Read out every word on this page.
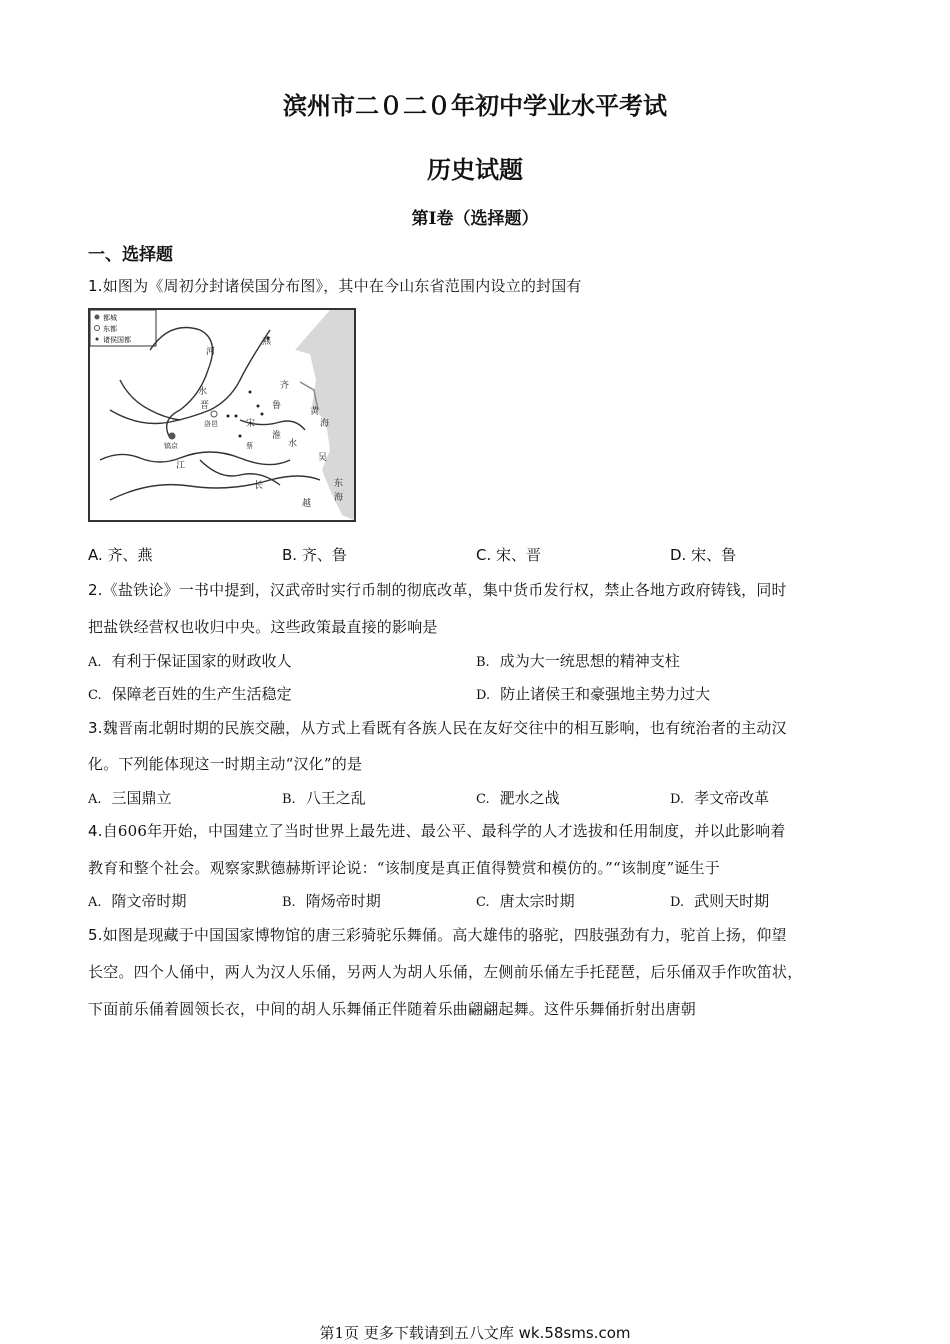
滨州市二０二０年初中学业水平考试
历史试题
第Ⅰ卷（选择题）
一、选择题
1.如图为《周初分封诸侯国分布图》，其中在今山东省范围内设立的封国有
都城
东都
诸侯国都	燕
河
水
晋
齐
鲁
宋
黄
海
洛邑
镐京
江
淮
水
长
吴
越
东
海
蔡
A. 齐、燕	B. 齐、鲁	C. 宋、晋	D. 宋、鲁
2.《盐铁论》一书中提到，汉武帝时实行币制的彻底改革，集中货币发行权，禁止各地方政府铸钱，同时
把盐铁经营权也收归中央。这些政策最直接的影响是
A. 有利于保证国家的财政收人	B. 成为大一统思想的精神支柱
C. 保障老百姓的生产生活稳定	D. 防止诸侯王和豪强地主势力过大
3.魏晋南北朝时期的民族交融，从方式上看既有各族人民在友好交往中的相互影响，也有统治者的主动汉
化。下列能体现这一时期主动“汉化”的是
A. 三国鼎立	B. 八王之乱	C. 淝水之战	D. 孝文帝改革
4.自606年开始，中国建立了当时世界上最先进、最公平、最科学的人才选拔和任用制度，并以此影响着
教育和整个社会。观察家默德赫斯评论说：“该制度是真正值得赞赏和模仿的。”“该制度”诞生于
A. 隋文帝时期	B. 隋炀帝时期	C. 唐太宗时期	D. 武则天时期
5.如图是现藏于中国国家博物馆的唐三彩骑驼乐舞俑。高大雄伟的骆驼，四肢强劲有力，驼首上扬，仰望
长空。四个人俑中，两人为汉人乐俑，另两人为胡人乐俑，左侧前乐俑左手托琵琶，后乐俑双手作吹笛状，
下面前乐俑着圆领长衣，中间的胡人乐舞俑正伴随着乐曲翩翩起舞。这件乐舞俑折射出唐朝
第1页 更多下载请到五八文库 wk.58sms.com
